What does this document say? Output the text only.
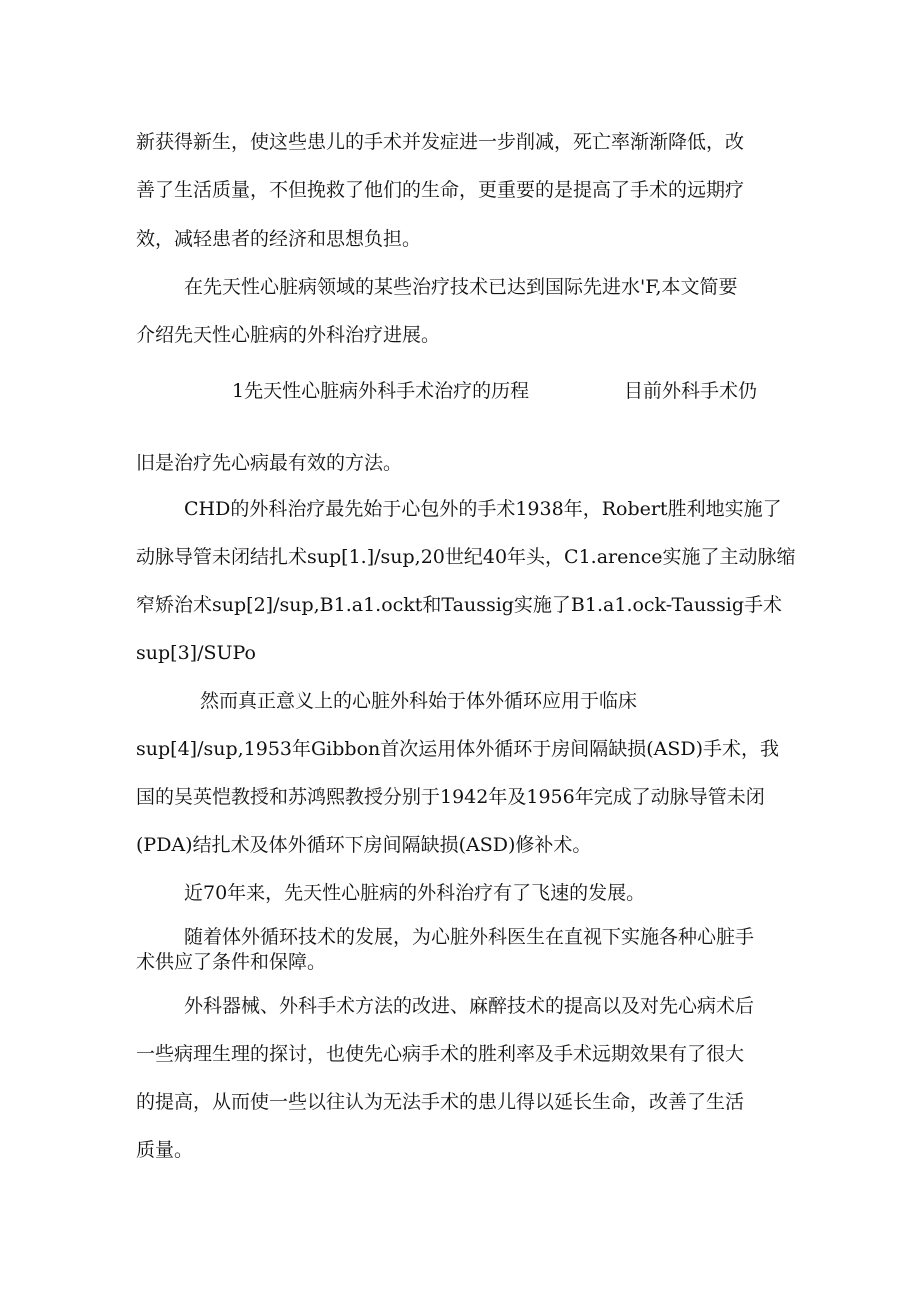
新获得新生，使这些患儿的手术并发症进一步削减，死亡率渐渐降低，改

善了生活质量，不但挽救了他们的生命，更重要的是提高了手术的远期疗

效，减轻患者的经济和思想负担。

在先天性心脏病领域的某些治疗技术已达到国际先进水'F,本文简要

介绍先天性心脏病的外科治疗进展。

1先天性心脏病外科手术治疗的历程	目前外科手术仍

旧是治疗先心病最有效的方法。

CHD的外科治疗最先始于心包外的手术1938年，Robert胜利地实施了

动脉导管未闭结扎术sup[1.]∕sup,20世纪40年头，C1.arence实施了主动脉缩

窄矫治术sup[2]/sup,B1.a1.ockt和Taussig实施了B1.a1.ock-Taussig手术

sup[3]/SUPo

然而真正意义上的心脏外科始于体外循环应用于临床

sup[4]∕sup,1953年Gibbon首次运用体外循环于房间隔缺损(ASD)手术，我

国的吴英恺教授和苏鸿熙教授分别于1942年及1956年完成了动脉导管未闭

(PDA)结扎术及体外循环下房间隔缺损(ASD)修补术。

近70年来，先天性心脏病的外科治疗有了飞速的发展。

随着体外循环技术的发展，为心脏外科医生在直视下实施各种心脏手

术供应了条件和保障。

外科器械、外科手术方法的改进、麻醉技术的提高以及对先心病术后

一些病理生理的探讨，也使先心病手术的胜利率及手术远期效果有了很大

的提高，从而使一些以往认为无法手术的患儿得以延长生命，改善了生活

质量。
